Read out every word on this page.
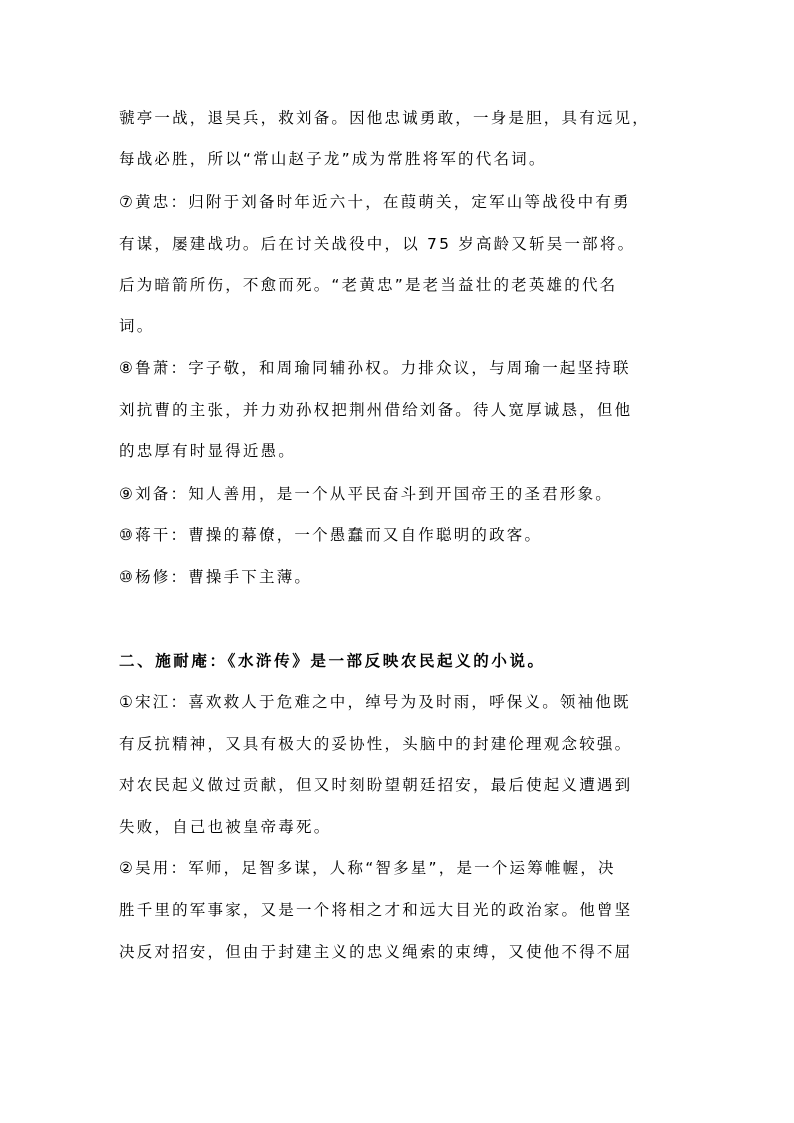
虢亭一战，退吴兵，救刘备。因他忠诚勇敢，一身是胆，具有远见，
每战必胜，所以“常山赵子龙”成为常胜将军的代名词。
⑦黄忠：归附于刘备时年近六十，在葭萌关，定军山等战役中有勇
有谋，屡建战功。后在讨关战役中，以 75 岁高龄又斩吴一部将。
后为暗箭所伤，不愈而死。“老黄忠”是老当益壮的老英雄的代名
词。
⑧鲁萧：字子敬，和周瑜同辅孙权。力排众议，与周瑜一起坚持联
刘抗曹的主张，并力劝孙权把荆州借给刘备。待人宽厚诚恳，但他
的忠厚有时显得近愚。
⑨刘备：知人善用，是一个从平民奋斗到开国帝王的圣君形象。
⑩蒋干：曹操的幕僚，一个愚蠢而又自作聪明的政客。
⑩杨修：曹操手下主薄。
二、施耐庵：《水浒传》是一部反映农民起义的小说。
①宋江：喜欢救人于危难之中，绰号为及时雨，呼保义。领袖他既
有反抗精神，又具有极大的妥协性，头脑中的封建伦理观念较强。
对农民起义做过贡献，但又时刻盼望朝廷招安，最后使起义遭遇到
失败，自己也被皇帝毒死。
②吴用：军师，足智多谋，人称“智多星”，是一个运筹帷幄，决
胜千里的军事家，又是一个将相之才和远大目光的政治家。他曾坚
决反对招安，但由于封建主义的忠义绳索的束缚，又使他不得不屈
